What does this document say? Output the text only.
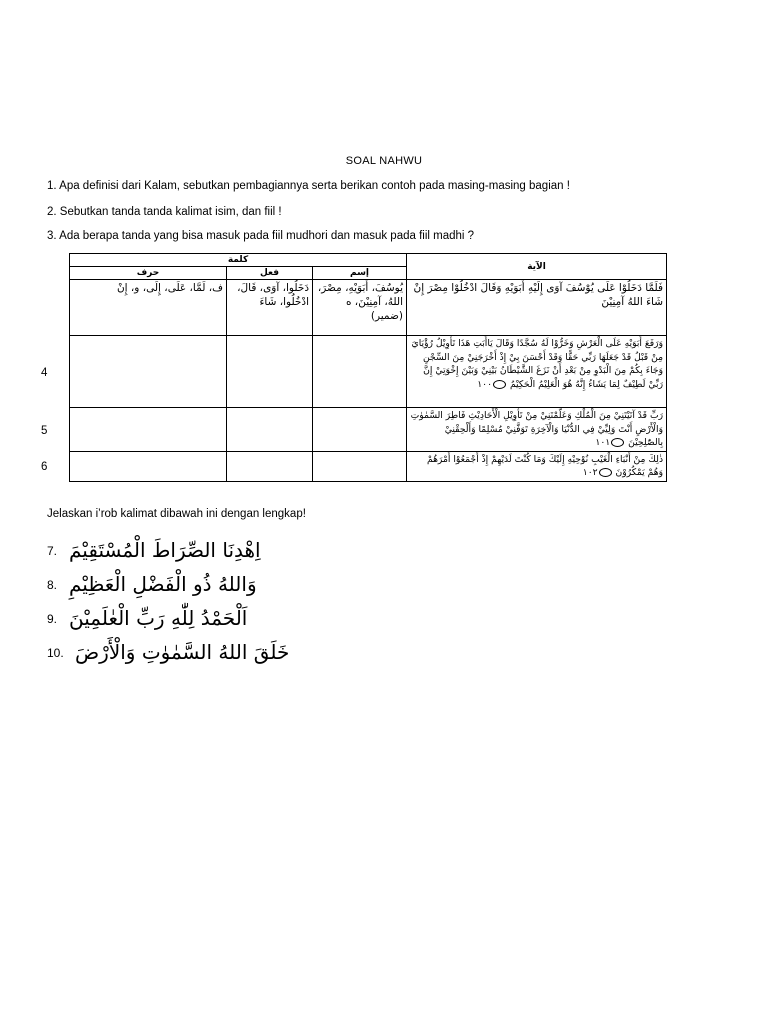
SOAL NAHWU
1. Apa definisi dari Kalam, sebutkan pembagiannya serta berikan contoh pada masing-masing bagian !
2. Sebutkan tanda tanda kalimat isim, dan fiil !
3. Ada berapa tanda yang bisa masuk pada fiil mudhori dan masuk pada fiil madhi ?
كلمة			الآية
حرف	فعل	إسم	
ف، لَمَّا، عَلَى، إِلَى، و، إِنْ	دَخَلُوا، آوَى، قَالَ، ادْخُلُوا، شَاءَ	يُوسُفَ، أَبَوَيْهِ، مِصْرَ، اللهُ، آمِنِيْنَ، ه (ضمير)	فَلَمَّا دَخَلُوْا عَلَى يُوْسُفَ آوَى إِلَيْهِ أَبَوَيْهِ وَقَالَ ادْخُلُوْا مِصْرَ إِنْ شَاءَ اللهُ آمِنِيْنَ
			وَرَفَعَ أَبَوَيْهِ عَلَى الْعَرْشِ وَخَرُّوْا لَهُ سُجَّدًا وَقَالَ يَاأَبَتِ هَذَا تَأْوِيْلُ رُؤْيَايَ مِنْ قَبْلُ قَدْ جَعَلَهَا رَبِّي حَقًّا وَقَدْ أَحْسَنَ بِيْ إِذْ أَخْرَجَنِيْ مِنَ السِّجْنِ وَجَاءَ بِكُمْ مِنَ الْبَدْوِ مِنْ بَعْدِ أَنْ نَزَغَ الشَّيْطَانُ بَيْنِيْ وَبَيْنَ إِخْوَتِيْ إِنَّ رَبِّيْ لَطِيْفٌ لِمَا يَشَاءُ إِنَّهُ هُوَ الْعَلِيْمُ الْحَكِيْمُ ١٠٠
			رَبِّ قَدْ آتَيْتَنِيْ مِنَ الْمُلْكِ وَعَلَّمْتَنِيْ مِنْ تَأْوِيْلِ الْأَحَادِيْثِ فَاطِرَ السَّمٰوٰتِ وَالْأَرْضِ أَنْتَ وَلِيِّيْ فِي الدُّنْيَا وَالْآخِرَةِ تَوَفَّنِيْ مُسْلِمًا وَأَلْحِقْنِيْ بِالصّٰلِحِيْنَ ١٠١
			ذٰلِكَ مِنْ أَنْبَاءِ الْغَيْبِ نُوْحِيْهِ إِلَيْكَ وَمَا كُنْتَ لَدَيْهِمْ إِذْ أَجْمَعُوْا أَمْرَهُمْ وَهُمْ يَمْكُرُوْنَ ١٠٢
4
5
6
Jelaskan i’rob kalimat dibawah ini dengan lengkap!
7. اِهْدِنَا الصِّرَاطَ الْمُسْتَقِيْمَ
8. وَاللهُ ذُو الْفَضْلِ الْعَظِيْمِ
9. اَلْحَمْدُ لِلّٰهِ رَبِّ الْعٰلَمِيْنَ
10. خَلَقَ اللهُ السَّمٰوٰتِ وَالْأَرْضَ
